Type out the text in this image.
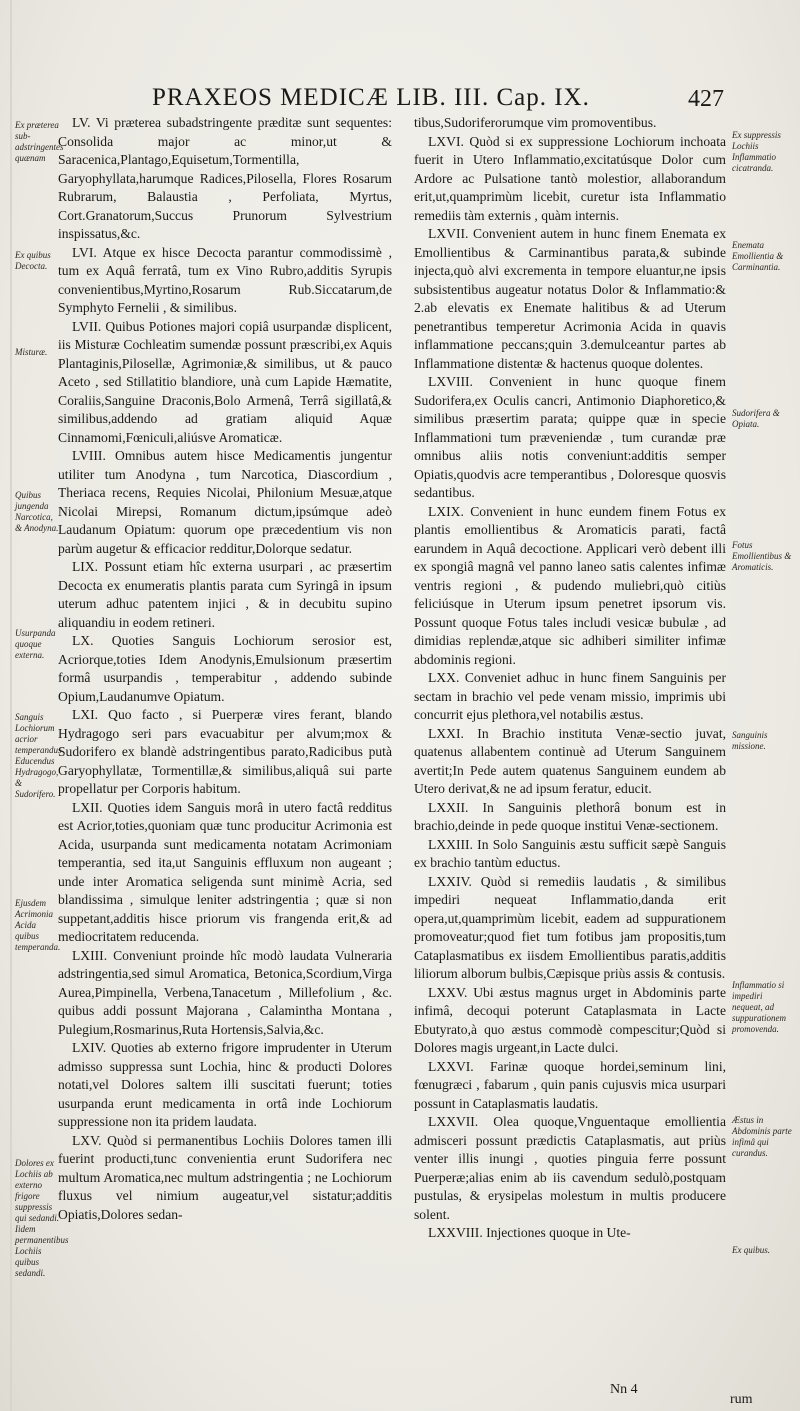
PRAXEOS MEDICÆ LIB. III. Cap. IX.	427
Ex præterea sub-adstringentes quænam
Ex quibus Decocta.
Misturæ.
Quibus jungenda Narcotica, & Anodyna.
Usurpanda quoque externa.
Sanguis Lochiorum acrior temperandus Educendus Hydragogo, & Sudorifero.
Ejusdem Acrimonia Acida quibus temperanda.
Dolores ex Lochiis ab externo frigore suppressis qui sedandi. Iidem permanentibus Lochiis quibus sedandi.
Ex suppressis Lochiis Inflammatio cicatranda.
Enemata Emollientia & Carminantia.
Sudorifera & Opiata.
Fotus Emollientibus & Aromaticis.
Sanguinis missione.
Inflammatio si impediri nequeat, ad suppurationem promovenda.
Æstus in Abdominis parte infimâ qui curandus.
Ex quibus.

LV. Vi præterea subadstringente præditæ sunt sequentes: Consolida major ac minor,ut & Saracenica,Plantago,Equisetum,Tormentilla, Garyophyllata,harumque Radices,Pilosella, Flores Rosarum Rubrarum, Balaustia , Perfoliata, Myrtus, Cort.Granatorum,Succus Prunorum Sylvestrium inspissatus,&c.

LVI. Atque ex hisce Decocta parantur commodissimè , tum ex Aquâ ferratâ, tum ex Vino Rubro,additis Syrupis convenientibus,Myrtino,Rosarum Rub.Siccatarum,de Symphyto Fernelii , & similibus.

LVII. Quibus Potiones majori copiâ usurpandæ displicent, iis Misturæ Cochleatim sumendæ possunt præscribi,ex Aquis Plantaginis,Pilosellæ, Agrimoniæ,& similibus, ut & pauco Aceto , sed Stillatitio blandiore, unà cum Lapide Hæmatite, Coraliis,Sanguine Draconis,Bolo Armenâ, Terrâ sigillatâ,& similibus,addendo ad gratiam aliquid Aquæ Cinnamomi,Fœniculi,aliúsve Aromaticæ.

LVIII. Omnibus autem hisce Medicamentis jungentur utiliter tum Anodyna , tum Narcotica, Diascordium , Theriaca recens, Requies Nicolai, Philonium Mesuæ,atque Nicolai Mirepsi, Romanum dictum,ipsúmque adeò Laudanum Opiatum: quorum ope præcedentium vis non parùm augetur & efficacior redditur,Dolorque sedatur.

LIX. Possunt etiam hîc externa usurpari , ac præsertim Decocta ex enumeratis plantis parata cum Syringâ in ipsum uterum adhuc patentem injici , & in decubitu supino aliquandiu in eodem retineri.

LX. Quoties Sanguis Lochiorum serosior est, Acriorque,toties Idem Anodynis,Emulsionum præsertim formâ usurpandis , temperabitur , addendo subinde Opium,Laudanumve Opiatum.

LXI. Quo facto , si Puerperæ vires ferant, blando Hydragogo seri pars evacuabitur per alvum;mox & Sudorifero ex blandè adstringentibus parato,Radicibus putà Garyophyllatæ, Tormentillæ,& similibus,aliquâ sui parte propellatur per Corporis habitum.

LXII. Quoties idem Sanguis morâ in utero factâ redditus est Acrior,toties,quoniam quæ tunc producitur Acrimonia est Acida, usurpanda sunt medicamenta notatam Acrimoniam temperantia, sed ita,ut Sanguinis effluxum non augeant ; unde inter Aromatica seligenda sunt minimè Acria, sed blandissima , simulque leniter adstringentia ; quæ si non suppetant,additis hisce priorum vis frangenda erit,& ad mediocritatem reducenda.

LXIII. Conveniunt proinde hîc modò laudata Vulneraria adstringentia,sed simul Aromatica, Betonica,Scordium,Virga Aurea,Pimpinella, Verbena,Tanacetum , Millefolium , &c. quibus addi possunt Majorana , Calamintha Montana , Pulegium,Rosmarinus,Ruta Hortensis,Salvia,&c.

LXIV. Quoties ab externo frigore imprudenter in Uterum admisso suppressa sunt Lochia, hinc & producti Dolores notati,vel Dolores saltem illi suscitati fuerunt; toties usurpanda erunt medicamenta in ortâ inde Lochiorum suppressione non ita pridem laudata.

LXV. Quòd si permanentibus Lochiis Dolores tamen illi fuerint producti,tunc convenientia erunt Sudorifera nec multum Aromatica,nec multum adstringentia ; ne Lochiorum fluxus vel nimium augeatur,vel sistatur;additis Opiatis,Dolores sedan-

tibus,Sudoriferorumque vim promoventibus.

LXVI. Quòd si ex suppressione Lochiorum inchoata fuerit in Utero Inflammatio,excitatúsque Dolor cum Ardore ac Pulsatione tantò molestior, allaborandum erit,ut,quamprimùm licebit, curetur ista Inflammatio remediis tàm externis , quàm internis.

LXVII. Convenient autem in hunc finem Enemata ex Emollientibus & Carminantibus parata,& subinde injecta,quò alvi excrementa in tempore eluantur,ne ipsis subsistentibus augeatur notatus Dolor & Inflammatio:& 2.ab elevatis ex Enemate halitibus & ad Uterum penetrantibus temperetur Acrimonia Acida in quavis inflammatione peccans;quin 3.demulceantur partes ab Inflammatione distentæ & hactenus quoque dolentes.

LXVIII. Convenient in hunc quoque finem Sudorifera,ex Oculis cancri, Antimonio Diaphoretico,& similibus præsertim parata; quippe quæ in specie Inflammationi tum præveniendæ , tum curandæ præ omnibus aliis notis conveniunt:additis semper Opiatis,quodvis acre temperantibus , Doloresque quosvis sedantibus.

LXIX. Convenient in hunc eundem finem Fotus ex plantis emollientibus & Aromaticis parati, factâ earundem in Aquâ decoctione. Applicari verò debent illi ex spongiâ magnâ vel panno laneo satis calentes infimæ ventris regioni , & pudendo muliebri,quò citiùs feliciúsque in Uterum ipsum penetret ipsorum vis. Possunt quoque Fotus tales includi vesicæ bubulæ , ad dimidias replendæ,atque sic adhiberi similiter infimæ abdominis regioni.

LXX. Conveniet adhuc in hunc finem Sanguinis per sectam in brachio vel pede venam missio, imprimis ubi concurrit ejus plethora,vel notabilis æstus.

LXXI. In Brachio instituta Venæ-sectio juvat, quatenus allabentem continuè ad Uterum Sanguinem avertit;In Pede autem quatenus Sanguinem eundem ab Utero derivat,& ne ad ipsum feratur, educit.

LXXII. In Sanguinis plethorâ bonum est in brachio,deinde in pede quoque institui Venæ-sectionem.

LXXIII. In Solo Sanguinis æstu sufficit sæpè Sanguis ex brachio tantùm eductus.

LXXIV. Quòd si remediis laudatis , & similibus impediri nequeat Inflammatio,danda erit opera,ut,quamprimùm licebit, eadem ad suppurationem promoveatur;quod fiet tum fotibus jam propositis,tum Cataplasmatibus ex iisdem Emollientibus paratis,additis liliorum alborum bulbis,Cæpisque priùs assis & contusis.

LXXV. Ubi æstus magnus urget in Abdominis parte infimâ, decoqui poterunt Cataplasmata in Lacte Ebutyrato,à quo æstus commodè compescitur;Quòd si Dolores magis urgeant,in Lacte dulci.

LXXVI. Farinæ quoque hordei,seminum lini, fœnugræci , fabarum , quin panis cujusvis mica usurpari possunt in Cataplasmatis laudatis.

LXXVII. Olea quoque,Vnguentaque emollientia admisceri possunt prædictis Cataplasmatis, aut priùs venter illis inungi , quoties pinguia ferre possunt Puerperæ;alias enim ab iis cavendum sedulò,postquam pustulas, & erysipelas molestum in multis producere solent.

LXXVIII. Injectiones quoque in Ute-

Nn 4
rum
